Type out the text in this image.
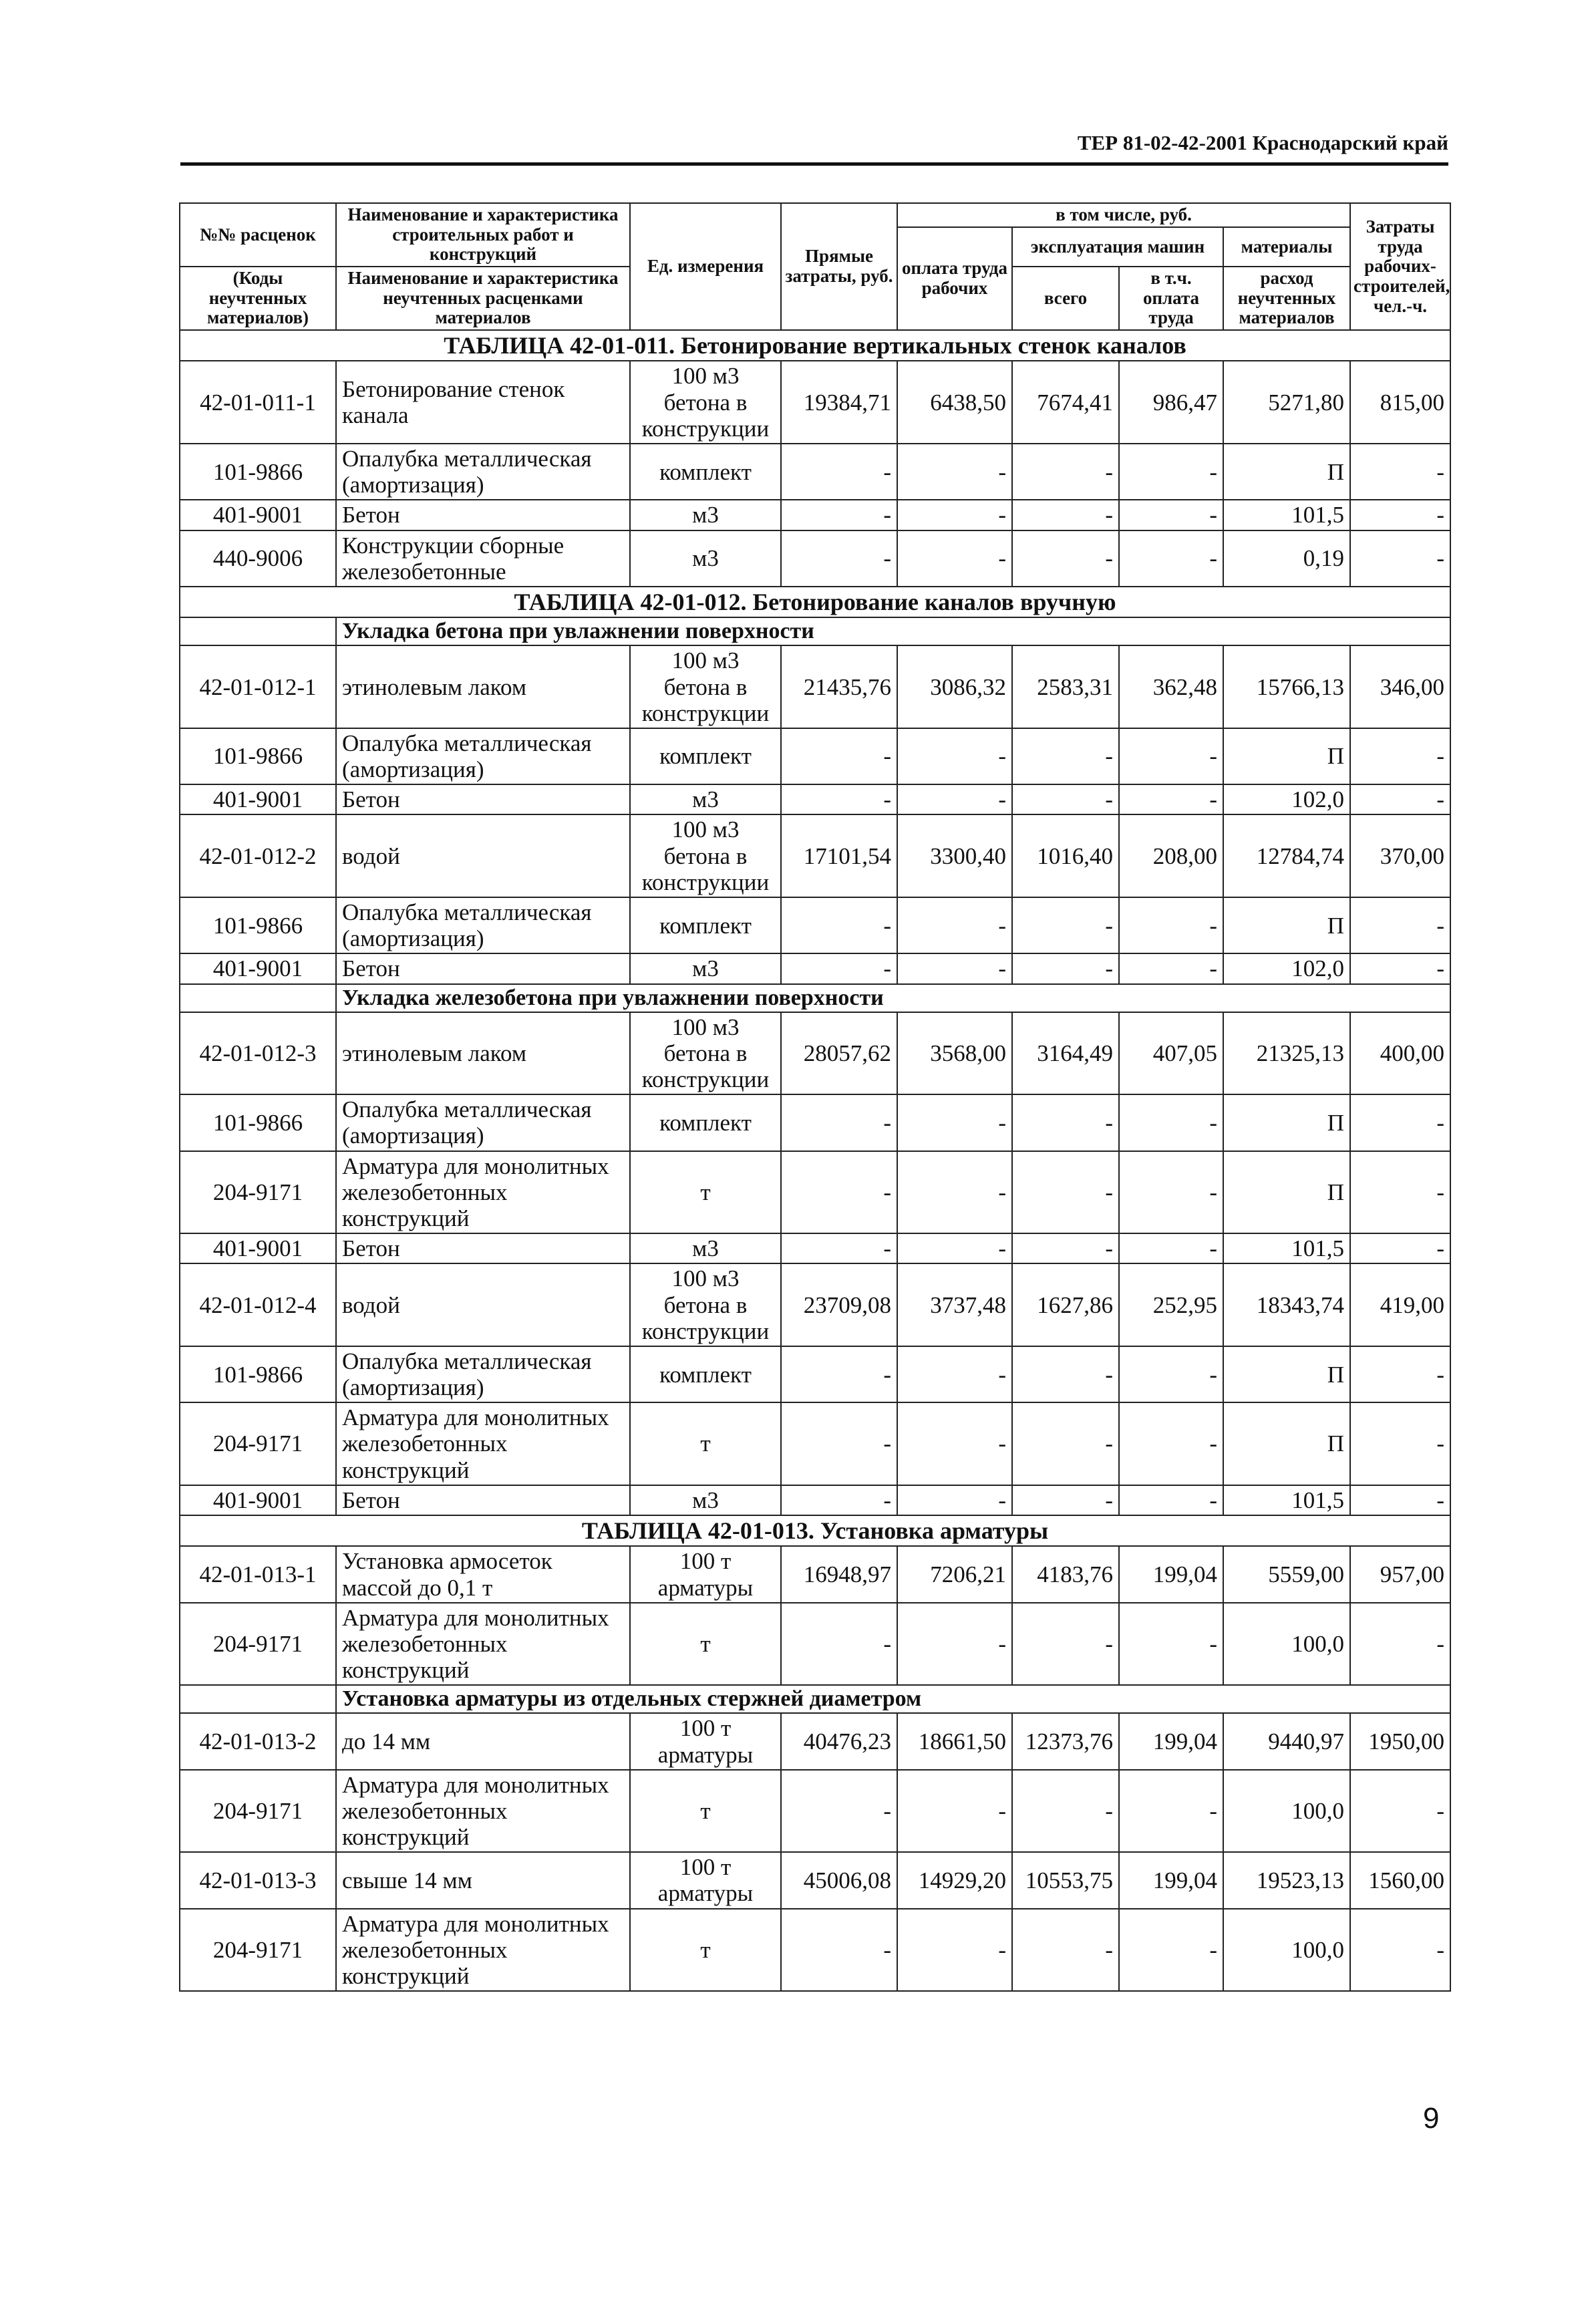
ТЕР 81-02-42-2001 Краснодарский край
№№ расценок	Наименование и характеристика строительных работ и конструкций	Ед. измерения	Прямые затраты, руб.	в том числе, руб.				Затраты труда рабочих-строителей, чел.-ч.
				оплата труда рабочих	эксплуатация машин		материалы	
(Коды неучтенных материалов)	Наименование и характеристика неучтенных расценками материалов				всего	в т.ч. оплата труда		
							расход неучтенных материалов	
ТАБЛИЦА 42-01-011. Бетонирование вертикальных стенок каналов								
42-01-011-1	Бетонирование стенок канала	100 м3 бетона в конструкции	19384,71	6438,50	7674,41	986,47	5271,80	815,00
101-9866	Опалубка металлическая (амортизация)	комплект	-	-	-	-	П	-
401-9001	Бетон	м3	-	-	-	-	101,5	-
440-9006	Конструкции сборные железобетонные	м3	-	-	-	-	0,19	-
ТАБЛИЦА 42-01-012. Бетонирование каналов вручную								
	Укладка бетона при увлажнении поверхности							
42-01-012-1	этинолевым лаком	100 м3 бетона в конструкции	21435,76	3086,32	2583,31	362,48	15766,13	346,00
101-9866	Опалубка металлическая (амортизация)	комплект	-	-	-	-	П	-
401-9001	Бетон	м3	-	-	-	-	102,0	-
42-01-012-2	водой	100 м3 бетона в конструкции	17101,54	3300,40	1016,40	208,00	12784,74	370,00
101-9866	Опалубка металлическая (амортизация)	комплект	-	-	-	-	П	-
401-9001	Бетон	м3	-	-	-	-	102,0	-
	Укладка железобетона при увлажнении поверхности							
42-01-012-3	этинолевым лаком	100 м3 бетона в конструкции	28057,62	3568,00	3164,49	407,05	21325,13	400,00
101-9866	Опалубка металлическая (амортизация)	комплект	-	-	-	-	П	-
204-9171	Арматура для монолитных железобетонных конструкций	т	-	-	-	-	П	-
401-9001	Бетон	м3	-	-	-	-	101,5	-
42-01-012-4	водой	100 м3 бетона в конструкции	23709,08	3737,48	1627,86	252,95	18343,74	419,00
101-9866	Опалубка металлическая (амортизация)	комплект	-	-	-	-	П	-
204-9171	Арматура для монолитных железобетонных конструкций	т	-	-	-	-	П	-
401-9001	Бетон	м3	-	-	-	-	101,5	-
ТАБЛИЦА 42-01-013. Установка арматуры								
42-01-013-1	Установка армосеток массой до 0,1 т	100 т арматуры	16948,97	7206,21	4183,76	199,04	5559,00	957,00
204-9171	Арматура для монолитных железобетонных конструкций	т	-	-	-	-	100,0	-
	Установка арматуры из отдельных стержней диаметром							
42-01-013-2	до 14 мм	100 т арматуры	40476,23	18661,50	12373,76	199,04	9440,97	1950,00
204-9171	Арматура для монолитных железобетонных конструкций	т	-	-	-	-	100,0	-
42-01-013-3	свыше 14 мм	100 т арматуры	45006,08	14929,20	10553,75	199,04	19523,13	1560,00
204-9171	Арматура для монолитных железобетонных конструкций	т	-	-	-	-	100,0	-
9
